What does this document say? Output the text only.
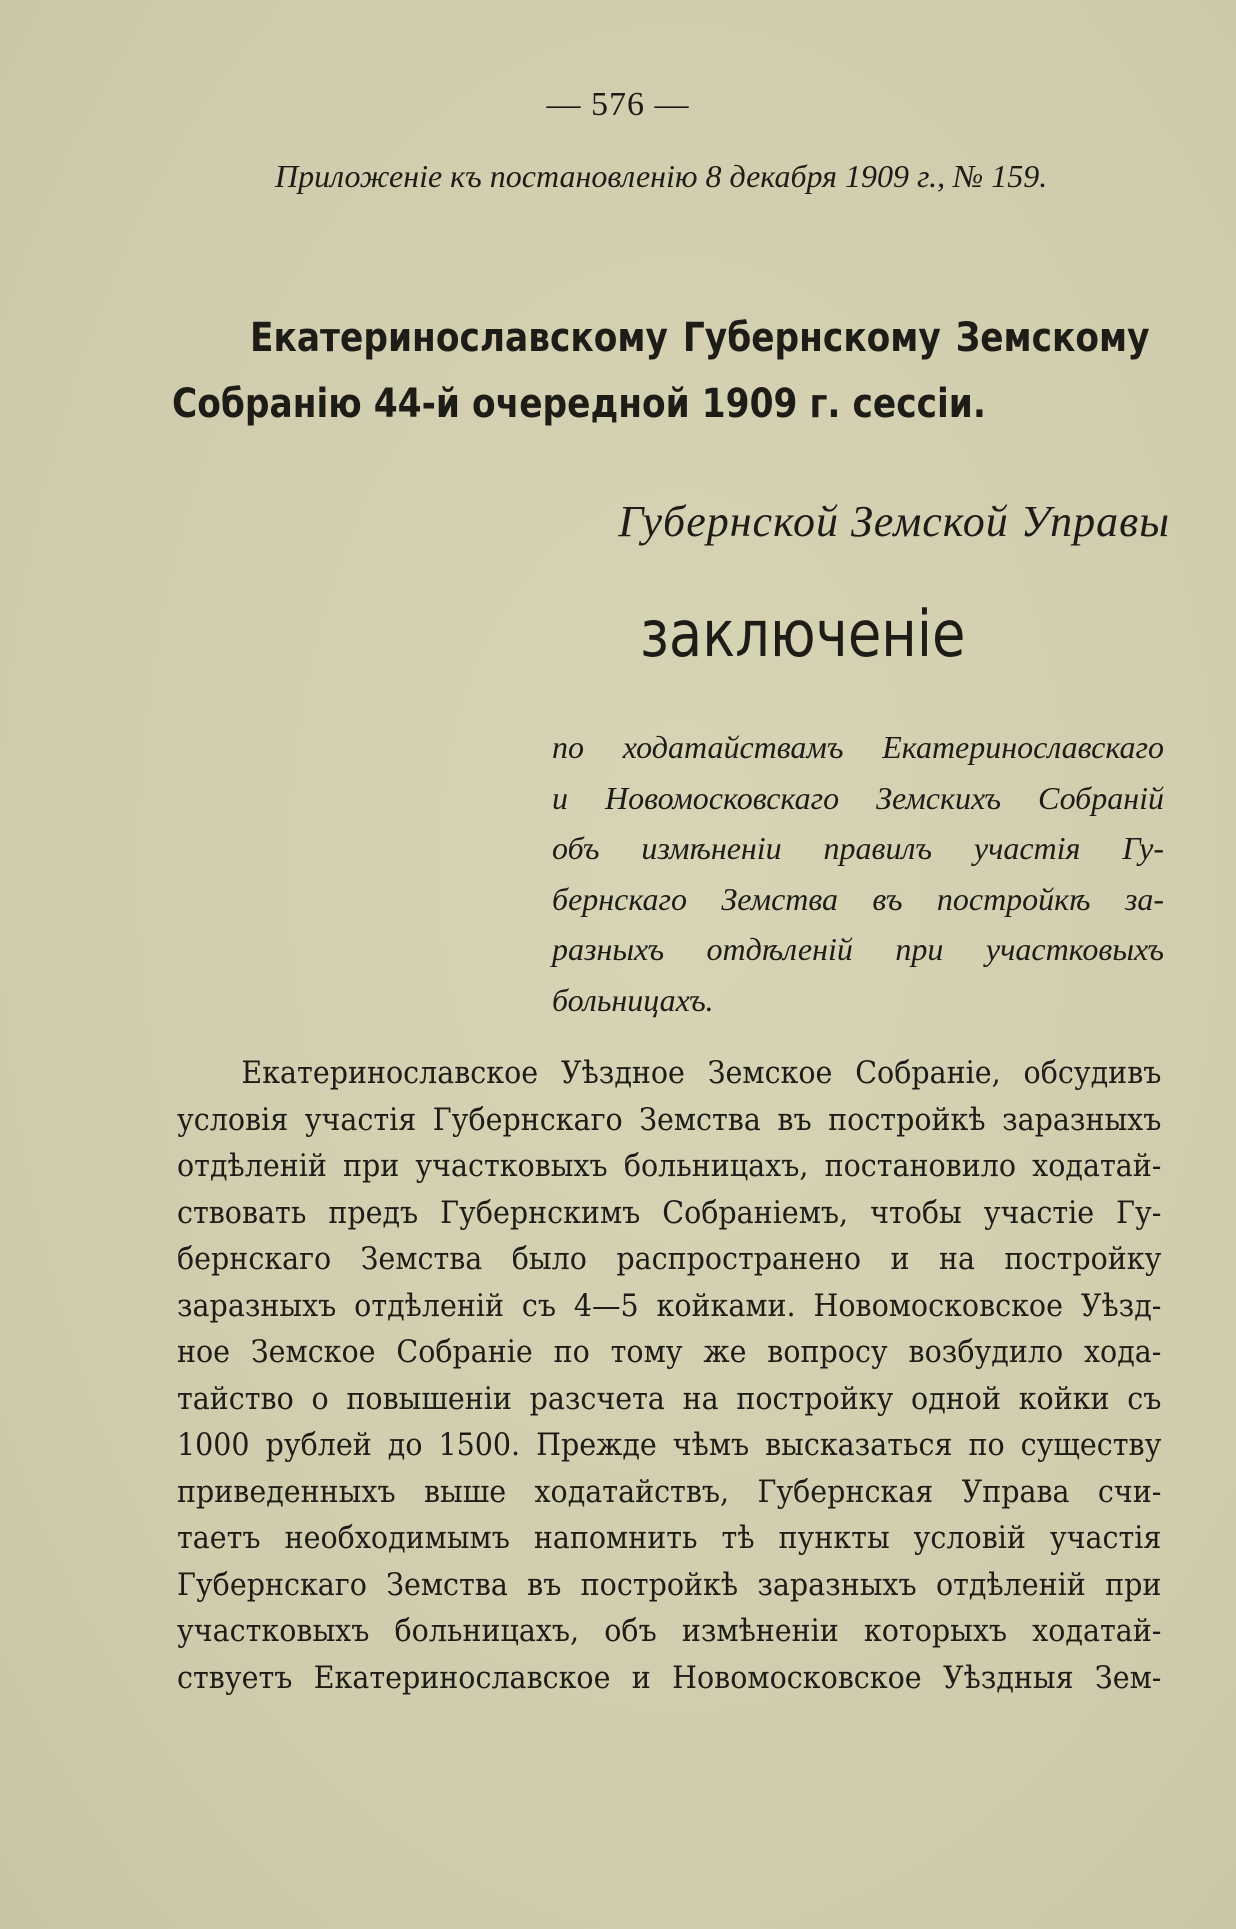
— 576 —
Приложеніе къ постановленію 8 декабря 1909 г., № 159.
Екатеринославскому Губернскому Земскому
Собранію 44-й очередной 1909 г. сессіи.
Губернской Земской Управы
заключеніе
по ходатайствамъ Екатеринославскаго
и Новомосковскаго Земскихъ Собраній
объ измѣненіи правилъ участія Гу-
бернскаго Земства въ постройкѣ за-
разныхъ отдѣленій при участковыхъ
больницахъ.
Екатеринославское Уѣздное Земское Собраніе, обсудивъ
условія участія Губернскаго Земства въ постройкѣ заразныхъ
отдѣленій при участковыхъ больницахъ, постановило ходатай-
ствовать предъ Губернскимъ Собраніемъ, чтобы участіе Гу-
бернскаго Земства было распространено и на постройку
заразныхъ отдѣленій съ 4—5 койками. Новомосковское Уѣзд-
ное Земское Собраніе по тому же вопросу возбудило хода-
тайство о повышеніи разсчета на постройку одной койки съ
1000 рублей до 1500. Прежде чѣмъ высказаться по существу
приведенныхъ выше ходатайствъ, Губернская Управа счи-
таетъ необходимымъ напомнить тѣ пункты условій участія
Губернскаго Земства въ постройкѣ заразныхъ отдѣленій при
участковыхъ больницахъ, объ измѣненіи которыхъ ходатай-
ствуетъ Екатеринославское и Новомосковское Уѣздныя Зем-
